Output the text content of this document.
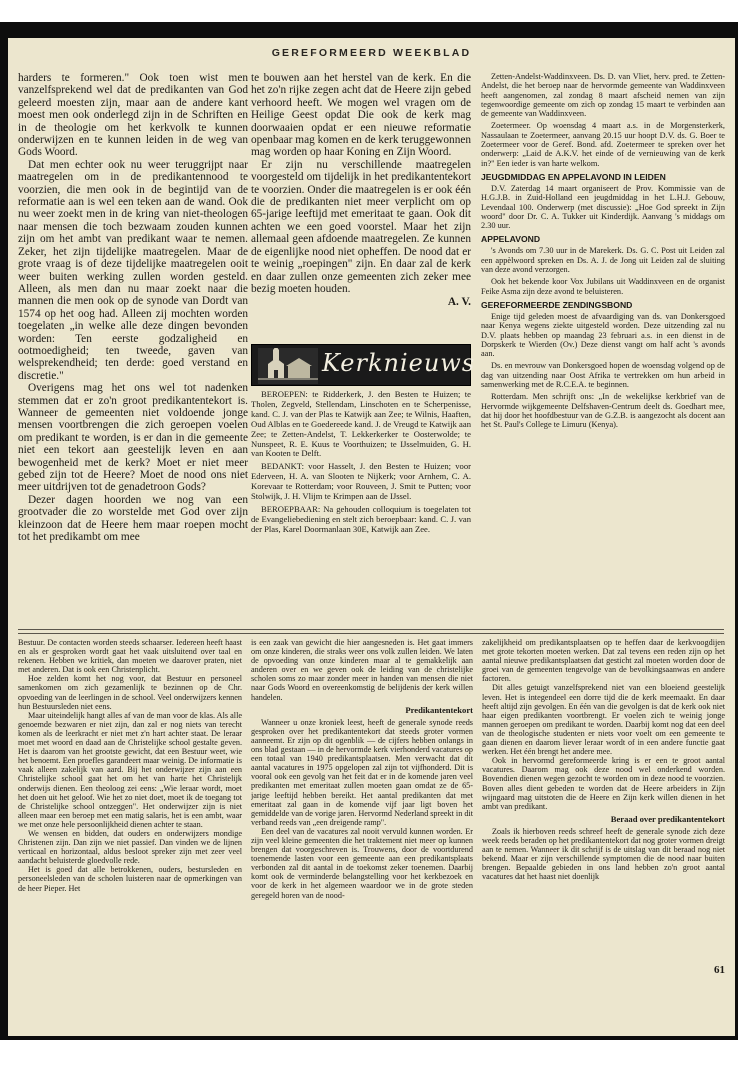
GEREFORMEERD WEEKBLAD

harders te formeren." Ook toen wist men vanzelfsprekend wel dat de predikanten van God geleerd moesten zijn, maar aan de andere kant moest men ook onderlegd zijn in de Schriften en in de theologie om het kerkvolk te kunnen onderwijzen en te kunnen leiden in de weg van Gods Woord.

Dat men echter ook nu weer teruggrijpt naar maatregelen om in de predikantennood te voorzien, die men ook in de begintijd van de reformatie aan is wel een teken aan de wand. Ook nu weer zoekt men in de kring van niet-theologen naar mensen die toch bezwaam zouden kunnen zijn om het ambt van predikant waar te nemen. Zeker, het zijn tijdelijke maatregelen. Maar de grote vraag is of deze tijdelijke maatregelen ooit weer buiten werking zullen worden gesteld. Alleen, als men dan nu maar zoekt naar die mannen die men ook op de synode van Dordt van 1574 op het oog had. Alleen zij mochten worden toegelaten „in welke alle deze dingen bevonden worden: Ten eerste godzaligheid en ootmoedigheid; ten tweede, gaven van welsprekendheid; ten derde: goed verstand en discretie."

Overigens mag het ons wel tot nadenken stemmen dat er zo'n groot predikantentekort is. Wanneer de gemeenten niet voldoende jonge mensen voortbrengen die zich geroepen voelen om predikant te worden, is er dan in die gemeente niet een tekort aan geestelijk leven en aan bewogenheid met de kerk? Moet er niet meer gebed zijn tot de Heere? Moet de nood ons niet meer uitdrijven tot de genadetroon Gods?

Dezer dagen hoorden we nog van een grootvader die zo worstelde met God over zijn kleinzoon dat de Heere hem maar roepen mocht tot het predikambt om mee

te bouwen aan het herstel van de kerk. En die het zo'n rijke zegen acht dat de Heere zijn gebed verhoord heeft. We mogen wel vragen om de Heilige Geest opdat Die ook de kerk mag doorwaaien opdat er een nieuwe reformatie openbaar mag komen en de kerk teruggewonnen mag worden op haar Koning en Zijn Woord.

Er zijn nu verschillende maatregelen voorgesteld om tijdelijk in het predikantentekort te voorzien. Onder die maatregelen is er ook één die de predikanten niet meer verplicht om op 65-jarige leeftijd met emeritaat te gaan. Ook dit achten we een goed voorstel. Maar het zijn allemaal geen afdoende maatregelen. Ze kunnen de eigenlijke nood niet opheffen. De nood dat er te weinig „roepingen" zijn. En daar zal de kerk en daar zullen onze gemeenten zich zeker mee bezig moeten houden.

A. V.
Kerknieuws

BEROEPEN: te Ridderkerk, J. den Besten te Huizen; te Tholen, Zegveld, Stellendam, Linschoten en te Scherpenisse, kand. C. J. van der Plas te Katwijk aan Zee; te Wilnis, Haaften, Oud Alblas en te Goedereede kand. J. de Vreugd te Katwijk aan Zee; te Zetten-Andelst, T. Lekkerkerker te Oosterwolde; te Nunspeet, R. E. Kuus te Voorthuizen; te IJsselmuiden, G. H. van Kooten te Delft.

BEDANKT: voor Hasselt, J. den Besten te Huizen; voor Ederveen, H. A. van Slooten te Nijkerk; voor Arnhem, C. A. Korevaar te Rotterdam; voor Rouveen, J. Smit te Putten; voor Stolwijk, J. H. Vlijm te Krimpen aan de IJssel.

BEROEPBAAR: Na gehouden colloquium is toegelaten tot de Evangeliebediening en stelt zich beroepbaar: kand. C. J. van der Plas, Karel Doormanlaan 30E, Katwijk aan Zee.

Zetten-Andelst-Waddinxveen. Ds. D. van Vliet, herv. pred. te Zetten-Andelst, die het beroep naar de hervormde gemeente van Waddinxveen heeft aangenomen, zal zondag 8 maart afscheid nemen van zijn tegenwoordige gemeente om zich op zondag 15 maart te verbinden aan de gemeente van Waddinxveen.

Zoetermeer. Op woensdag 4 maart a.s. in de Morgensterkerk, Nassaulaan te Zoetermeer, aanvang 20.15 uur hoopt D.V. ds. G. Boer te Zoetermeer voor de Geref. Bond. afd. Zoetermeer te spreken over het onderwerp: „Laid de A.K.V. het einde of de vernieuwing van de kerk in?" Een ieder is van harte welkom.

JEUGDMIDDAG EN APPELAVOND IN LEIDEN

D.V. Zaterdag 14 maart organiseert de Prov. Kommissie van de H.G.J.B. in Zuid-Holland een jeugdmiddag in het L.H.J. Gebouw, Levendaal 100. Onderwerp (met discussie): „Hoe God spreekt in Zijn woord" door Dr. C. A. Tukker uit Kinderdijk. Aanvang 's middags om 2.30 uur.

APPELAVOND

's Avonds om 7.30 uur in de Marekerk. Ds. G. C. Post uit Leiden zal een appèlwoord spreken en Ds. A. J. de Jong uit Leiden zal de sluiting van deze avond verzorgen.

Ook het bekende koor Vox Jubilans uit Waddinxveen en de organist Feike Asma zijn deze avond te beluisteren.

GEREFORMEERDE ZENDINGSBOND

Enige tijd geleden moest de afvaardiging van ds. van Donkersgoed naar Kenya wegens ziekte uitgesteld worden. Deze uitzending zal nu D.V. plaats hebben op maandag 23 februari a.s. in een dienst in de Dorpskerk te Wierden (Ov.) Deze dienst vangt om half acht 's avonds aan.

Ds. en mevrouw van Donkersgoed hopen de woensdag volgend op de dag van uitzending naar Oost Afrika te vertrekken om hun arbeid in samenwerking met de R.C.E.A. te beginnen.

Rotterdam. Men schrijft ons: „In de wekelijkse kerkbrief van de Hervormde wijkgemeente Delfshaven-Centrum deelt ds. Goedhart mee, dat hij door het hoofdbestuur van de G.Z.B. is aangezocht als docent aan het St. Paul's College te Limuru (Kenya).

Bestuur. De contacten worden steeds schaarser. Iedereen heeft haast en als er gesproken wordt gaat het vaak uitsluitend over taal en rekenen. Hebben we kritiek, dan moeten we daarover praten, niet met anderen. Dat is ook een Christenplicht.

Hoe zelden komt het nog voor, dat Bestuur en personeel samenkomen om zich gezamenlijk te bezinnen op de Chr. opvoeding van de leerlingen in de school. Veel onderwijzers kennen hun Bestuursleden niet eens.

Maar uiteindelijk hangt alles af van de man voor de klas. Als alle genoemde bezwaren er niet zijn, dan zal er nog niets van terecht komen als de leerkracht er niet met z'n hart achter staat. De leraar moet met woord en daad aan de Christelijke school gestalte geven. Het is daarom van het grootste gewicht, dat een Bestuur weet, wie het benoemt. Een proefles garandeert maar weinig. De informatie is vaak alleen zakelijk van aard. Bij het onderwijzer zijn aan een Christelijke school gaat het om het van harte het Christelijk onderwijs dienen. Een theoloog zei eens: „Wie leraar wordt, moet het doen uit het geloof. Wie het zo niet doet, moet ik de toegang tot de Christelijke school ontzeggen". Het onderwijzer zijn is niet alleen maar een beroep met een matig salaris, het is een ambt, waar we met onze hele persoonlijkheid dienen achter te staan.

We wensen en bidden, dat ouders en onderwijzers mondige Christenen zijn. Dan zijn we niet passief. Dan vinden we de lijnen verticaal en horizontaal, aldus besloot spreker zijn met zeer veel aandacht beluisterde gloedvolle rede.

Het is goed dat alle betrokkenen, ouders, bestursleden en personeelsleden van de scholen luisteren naar de opmerkingen van de heer Pieper. Het

is een zaak van gewicht die hier aangesneden is. Het gaat immers om onze kinderen, die straks weer ons volk zullen leiden. We laten de opvoeding van onze kinderen maar al te gemakkelijk aan anderen over en we geven ook de leiding van de christelijke scholen soms zo maar zonder meer in handen van mensen die niet naar Gods Woord en overeenkomstig de belijdenis der kerk willen handelen.

Predikantentekort

Wanneer u onze kroniek leest, heeft de generale synode reeds gesproken over het predikantentekort dat steeds groter vormen aanneemt. Er zijn op dit ogenblik — de cijfers hebben onlangs in ons blad gestaan — in de hervormde kerk vierhonderd vacatures op een totaal van 1940 predikantsplaatsen. Men verwacht dat dit aantal vacatures in 1975 opgelopen zal zijn tot vijfhonderd. Dit is vooral ook een gevolg van het feit dat er in de komende jaren veel predikanten met emeritaat zullen moeten gaan omdat ze de 65-jarige leeftijd hebben bereikt. Het aantal predikanten dat met emeritaat zal gaan in de komende vijf jaar ligt boven het gemiddelde van de vorige jaren. Hervormd Nederland spreekt in dit verband reeds van „een dreigende ramp".

Een deel van de vacatures zal nooit vervuld kunnen worden. Er zijn veel kleine gemeenten die het traktement niet meer op kunnen brengen dat voorgeschreven is. Trouwens, door de voortdurend toenemende lasten voor een gemeente aan een predikantsplaats verbonden zal dit aantal in de toekomst zeker toenemen. Daarbij komt ook de verminderde belangstelling voor het kerkbezoek en voor de kerk in het algemeen waardoor we in de grote steden geregeld horen van de nood-

zakelijkheid om predikantsplaatsen op te heffen daar de kerkvoogdijen met grote tekorten moeten werken. Dat zal tevens een reden zijn op het aantal nieuwe predikantsplaatsen dat gesticht zal moeten worden door de groei van de gemeenten tengevolge van de bevolkingsaanwas en andere factoren.

Dit alles getuigt vanzelfsprekend niet van een bloeiend geestelijk leven. Het is integendeel een dorre tijd die de kerk meemaakt. En daar heeft altijd zijn gevolgen. En één van die gevolgen is dat de kerk ook niet haar eigen predikanten voortbrengt. Er voelen zich te weinig jonge mannen geroepen om predikant te worden. Daarbij komt nog dat een deel van de theologische studenten er niets voor voelt om een gemeente te gaan dienen en daarom liever leraar wordt of in een andere functie gaat werken. Het één brengt het andere mee.

Ook in hervormd gereformeerde kring is er een te groot aantal vacatures. Daarom mag ook deze nood wel onderkend worden. Bovendien dienen wegen gezocht te worden om in deze nood te voorzien. Boven alles dient gebeden te worden dat de Heere arbeiders in Zijn wijngaard mag uitstoten die de Heere en Zijn kerk willen dienen in het ambt van predikant.

Beraad over predikantentekort

Zoals ik hierboven reeds schreef heeft de generale synode zich deze week reeds beraden op het predikantentekort dat nog groter vormen dreigt aan te nemen. Wanneer ik dit schrijf is de uitslag van dit beraad nog niet bekend. Maar er zijn verschillende symptomen die de nood naar buiten brengen. Bepaalde gebieden in ons land hebben zo'n groot aantal vacatures dat het haast niet doenlijk

61
